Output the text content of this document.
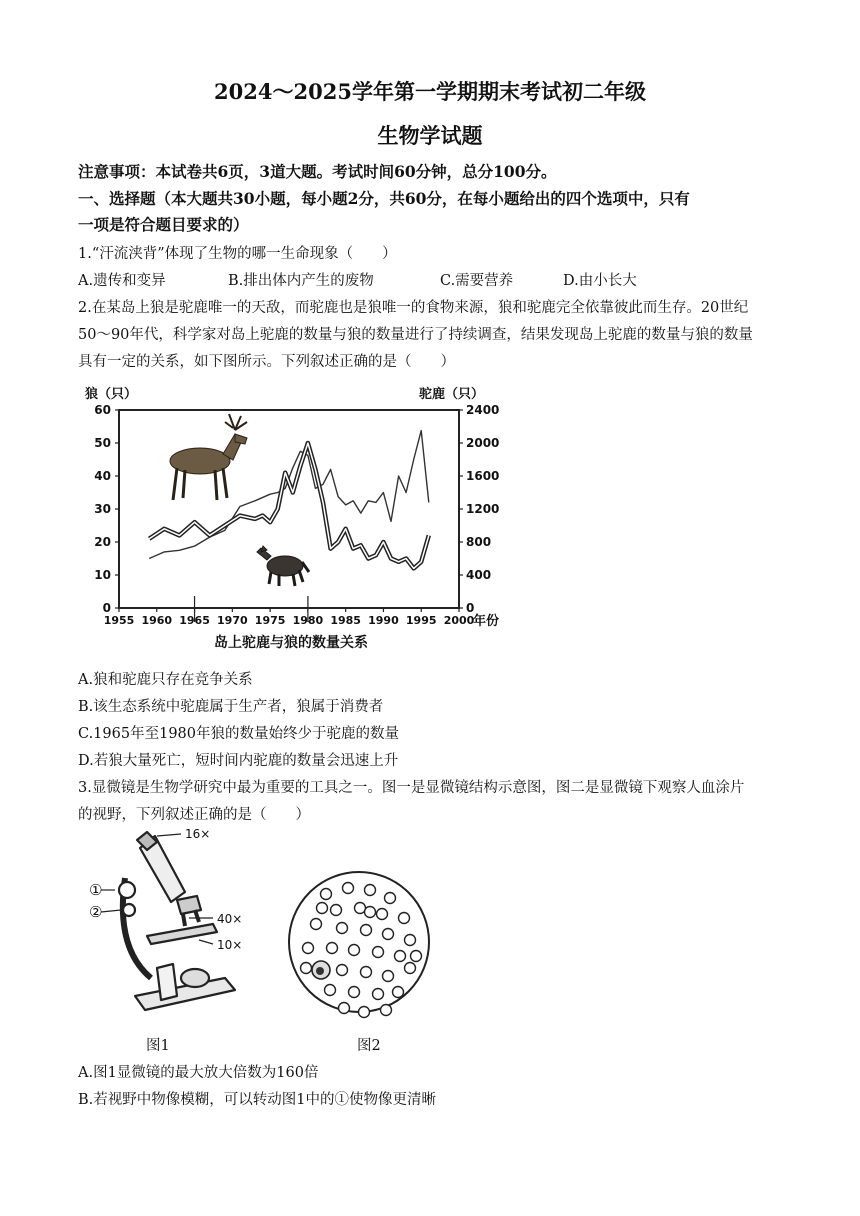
2024～2025学年第一学期期末考试初二年级
生物学试题
注意事项：本试卷共6页，3道大题。考试时间60分钟，总分100分。
一、选择题（本大题共30小题，每小题2分，共60分，在每小题给出的四个选项中，只有
一项是符合题目要求的）
1.“汗流浃背”体现了生物的哪一生命现象（　　）
A.遗传和变异	B.排出体内产生的废物	C.需要营养	D.由小长大
2.在某岛上狼是驼鹿唯一的天敌，而驼鹿也是狼唯一的食物来源，狼和驼鹿完全依靠彼此而生存。20世纪
50～90年代，科学家对岛上驼鹿的数量与狼的数量进行了持续调查，结果发现岛上驼鹿的数量与狼的数量
具有一定的关系，如下图所示。下列叙述正确的是（　　）
0
10
20
30
40
50
60
0
400
800
1200
1600
2000
2400
1955 1960 1965 1970 1975 1980 1985 1990 1995 2000
狼（只）	驼鹿（只）
年份
岛上驼鹿与狼的数量关系
A.狼和驼鹿只存在竞争关系
B.该生态系统中驼鹿属于生产者，狼属于消费者
C.1965年至1980年狼的数量始终少于驼鹿的数量
D.若狼大量死亡，短时间内驼鹿的数量会迅速上升
3.显微镜是生物学研究中最为重要的工具之一。图一是显微镜结构示意图，图二是显微镜下观察人血涂片
的视野，下列叙述正确的是（　　）
16×
①
②	40×
10×
图1	图2
A.图1显微镜的最大放大倍数为160倍
B.若视野中物像模糊，可以转动图1中的①使物像更清晰
